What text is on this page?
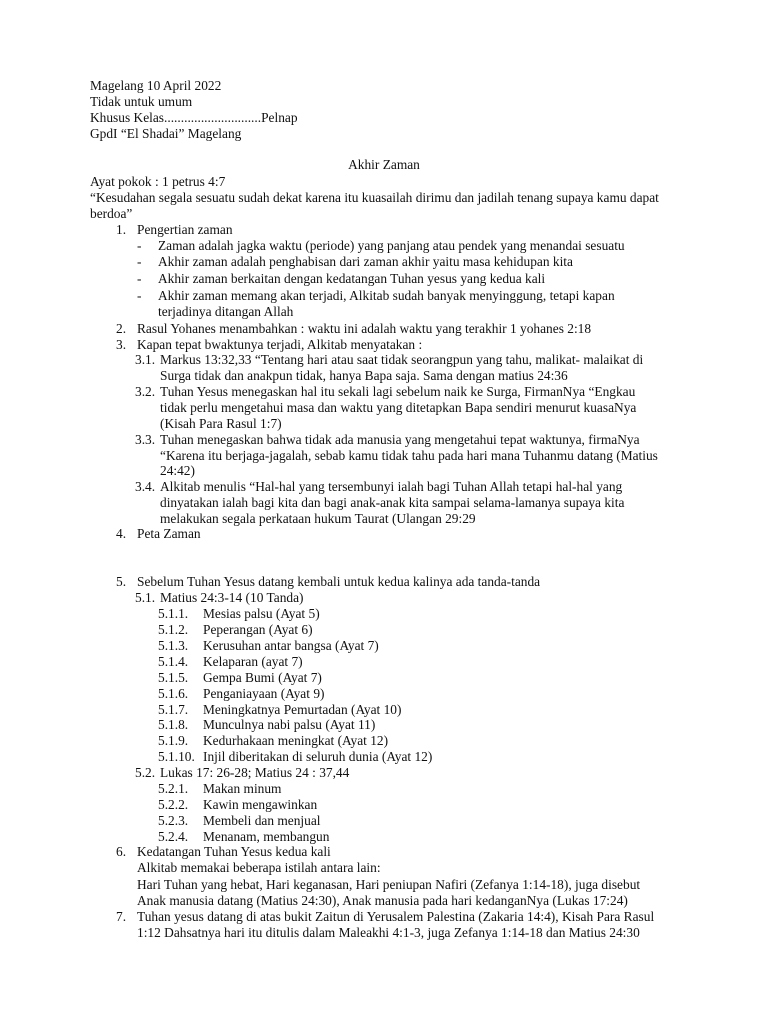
Magelang 10 April 2022
Tidak untuk umum
Khusus Kelas.............................Pelnap
GpdI “El Shadai” Magelang
Akhir Zaman
Ayat pokok : 1 petrus 4:7
“Kesudahan segala sesuatu sudah dekat karena itu kuasailah dirimu dan jadilah tenang supaya kamu dapat
berdoa”
1. Pengertian zaman
- Zaman adalah jagka waktu (periode) yang panjang atau pendek yang menandai sesuatu
- Akhir zaman adalah penghabisan dari zaman akhir yaitu masa kehidupan kita
- Akhir zaman berkaitan dengan kedatangan Tuhan yesus yang kedua kali
- Akhir zaman memang akan terjadi, Alkitab sudah banyak menyinggung, tetapi kapan
terjadinya ditangan Allah
2. Rasul Yohanes menambahkan : waktu ini adalah waktu yang terakhir 1 yohanes 2:18
3. Kapan tepat bwaktunya terjadi, Alkitab menyatakan :
3.1. Markus 13:32,33 “Tentang hari atau saat tidak seorangpun yang tahu, malikat- malaikat di
Surga tidak dan anakpun tidak, hanya Bapa saja. Sama dengan matius 24:36
3.2. Tuhan Yesus menegaskan hal itu sekali lagi sebelum naik ke Surga, FirmanNya “Engkau
tidak perlu mengetahui masa dan waktu yang ditetapkan Bapa sendiri menurut kuasaNya
(Kisah Para Rasul 1:7)
3.3. Tuhan menegaskan bahwa tidak ada manusia yang mengetahui tepat waktunya, firmaNya
“Karena itu berjaga-jagalah, sebab kamu tidak tahu pada hari mana Tuhanmu datang (Matius
24:42)
3.4. Alkitab menulis “Hal-hal yang tersembunyi ialah bagi Tuhan Allah tetapi hal-hal yang
dinyatakan ialah bagi kita dan bagi anak-anak kita sampai selama-lamanya supaya kita
melakukan segala perkataan hukum Taurat (Ulangan 29:29
4. Peta Zaman
5. Sebelum Tuhan Yesus datang kembali untuk kedua kalinya ada tanda-tanda
5.1. Matius 24:3-14 (10 Tanda)
5.1.1. Mesias palsu (Ayat 5)
5.1.2. Peperangan (Ayat 6)
5.1.3. Kerusuhan antar bangsa (Ayat 7)
5.1.4. Kelaparan (ayat 7)
5.1.5. Gempa Bumi (Ayat 7)
5.1.6. Penganiayaan (Ayat 9)
5.1.7. Meningkatnya Pemurtadan (Ayat 10)
5.1.8. Munculnya nabi palsu (Ayat 11)
5.1.9. Kedurhakaan meningkat (Ayat 12)
5.1.10. Injil diberitakan di seluruh dunia (Ayat 12)
5.2. Lukas 17: 26-28; Matius 24 : 37,44
5.2.1. Makan minum
5.2.2. Kawin mengawinkan
5.2.3. Membeli dan menjual
5.2.4. Menanam, membangun
6. Kedatangan Tuhan Yesus kedua kali
Alkitab memakai beberapa istilah antara lain:
Hari Tuhan yang hebat, Hari keganasan, Hari peniupan Nafiri (Zefanya 1:14-18), juga disebut
Anak manusia datang (Matius 24:30), Anak manusia pada hari kedanganNya (Lukas 17:24)
7. Tuhan yesus datang di atas bukit Zaitun di Yerusalem Palestina (Zakaria 14:4), Kisah Para Rasul
1:12 Dahsatnya hari itu ditulis dalam Maleakhi 4:1-3, juga Zefanya 1:14-18 dan Matius 24:30
